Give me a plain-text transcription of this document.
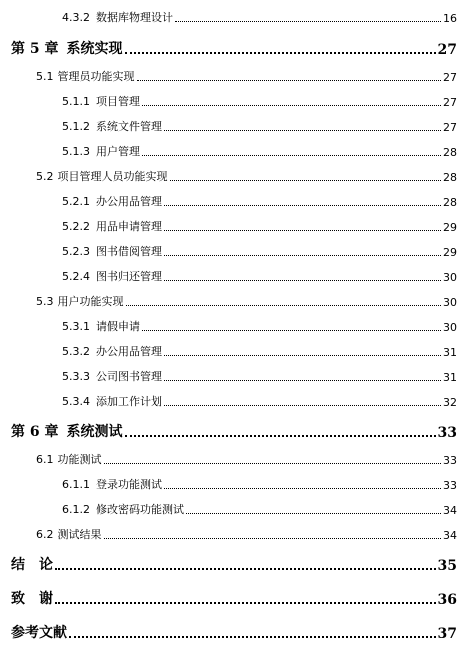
4.3.2 数据库物理设计	16
第 5 章 系统实现	27
5.1 管理员功能实现	27
5.1.1 项目管理	27
5.1.2 系统文件管理	27
5.1.3 用户管理	28
5.2 项目管理人员功能实现	28
5.2.1 办公用品管理	28
5.2.2 用品申请管理	29
5.2.3 图书借阅管理	29
5.2.4 图书归还管理	30
5.3 用户功能实现	30
5.3.1 请假申请	30
5.3.2 办公用品管理	31
5.3.3 公司图书管理	31
5.3.4 添加工作计划	32
第 6 章 系统测试	33
6.1 功能测试	33
6.1.1 登录功能测试	33
6.1.2 修改密码功能测试	34
6.2 测试结果	34
结　论	35
致　谢	36
参考文献	37
